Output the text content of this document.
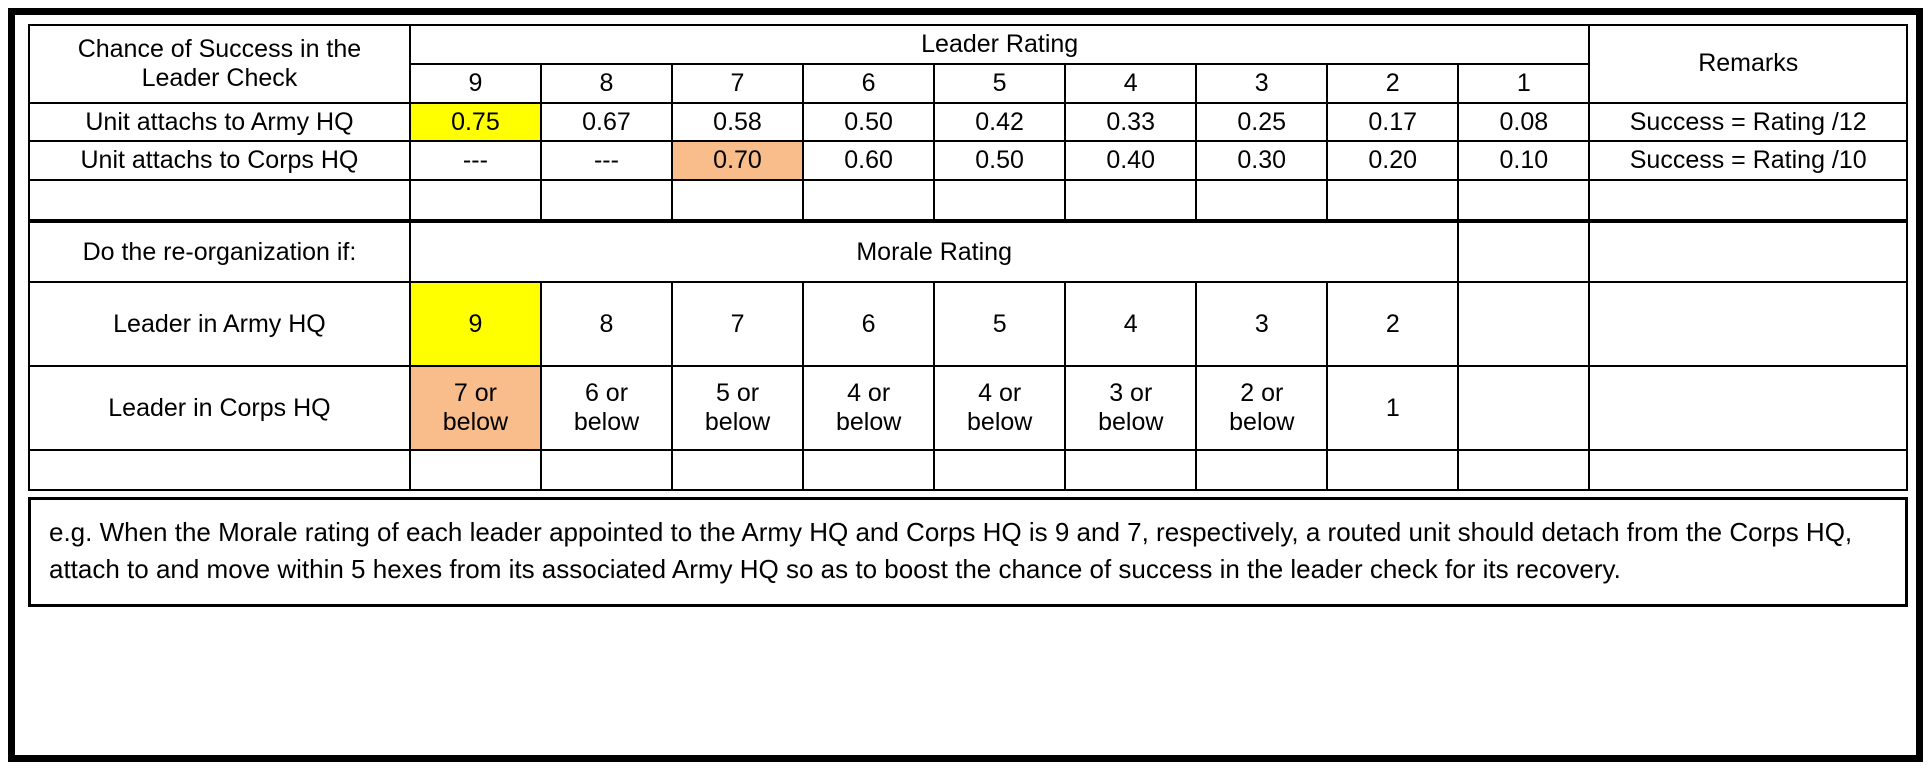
Chance of Success in the Leader Check	Leader Rating									Remarks
	9	8	7	6	5	4	3	2	1	
Unit attachs to Army HQ	0.75	0.67	0.58	0.50	0.42	0.33	0.25	0.17	0.08	Success = Rating /12
Unit attachs to Corps HQ	---	---	0.70	0.60	0.50	0.40	0.30	0.20	0.10	Success = Rating /10

Do the re-organization if:	Morale Rating									
Leader in Army HQ	9	8	7	6	5	4	3	2		
Leader in Corps HQ	7 or below	6 or below	5 or below	4 or below	4 or below	3 or below	2 or below	1		

e.g. When the Morale rating of each leader appointed to the Army HQ and Corps HQ is 9 and 7, respectively, a routed unit should detach from the Corps HQ, attach to and move within 5 hexes from its associated Army HQ so as to boost the chance of success in the leader check for its recovery.
